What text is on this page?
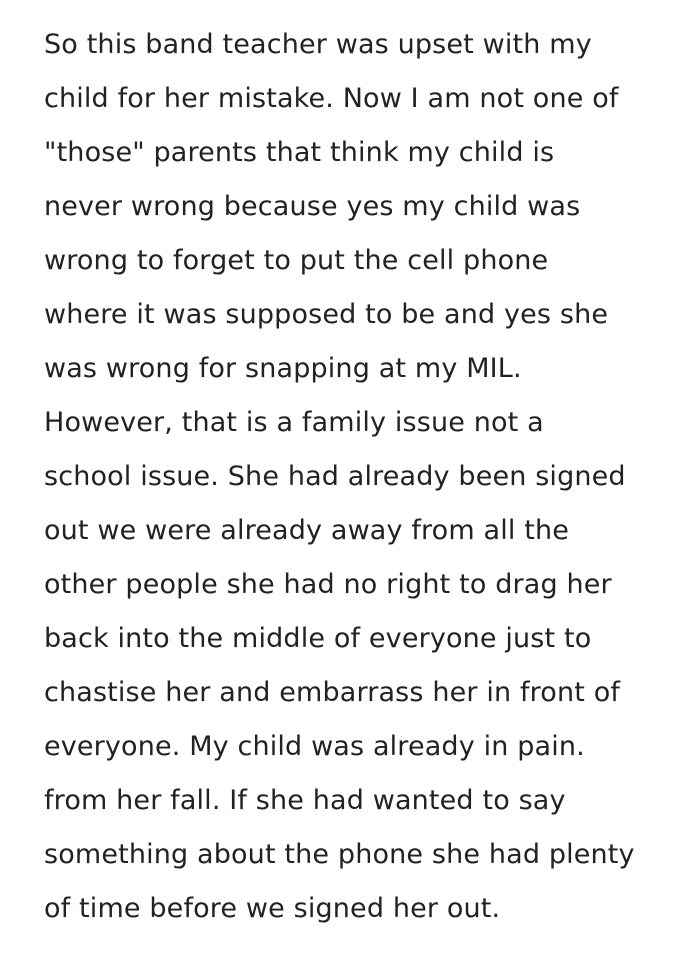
So this band teacher was upset with my
child for her mistake. Now I am not one of
"those" parents that think my child is
never wrong because yes my child was
wrong to forget to put the cell phone
where it was supposed to be and yes she
was wrong for snapping at my MIL.
However, that is a family issue not a
school issue. She had already been signed
out we were already away from all the
other people she had no right to drag her
back into the middle of everyone just to
chastise her and embarrass her in front of
everyone. My child was already in pain.
from her fall. If she had wanted to say
something about the phone she had plenty
of time before we signed her out.
